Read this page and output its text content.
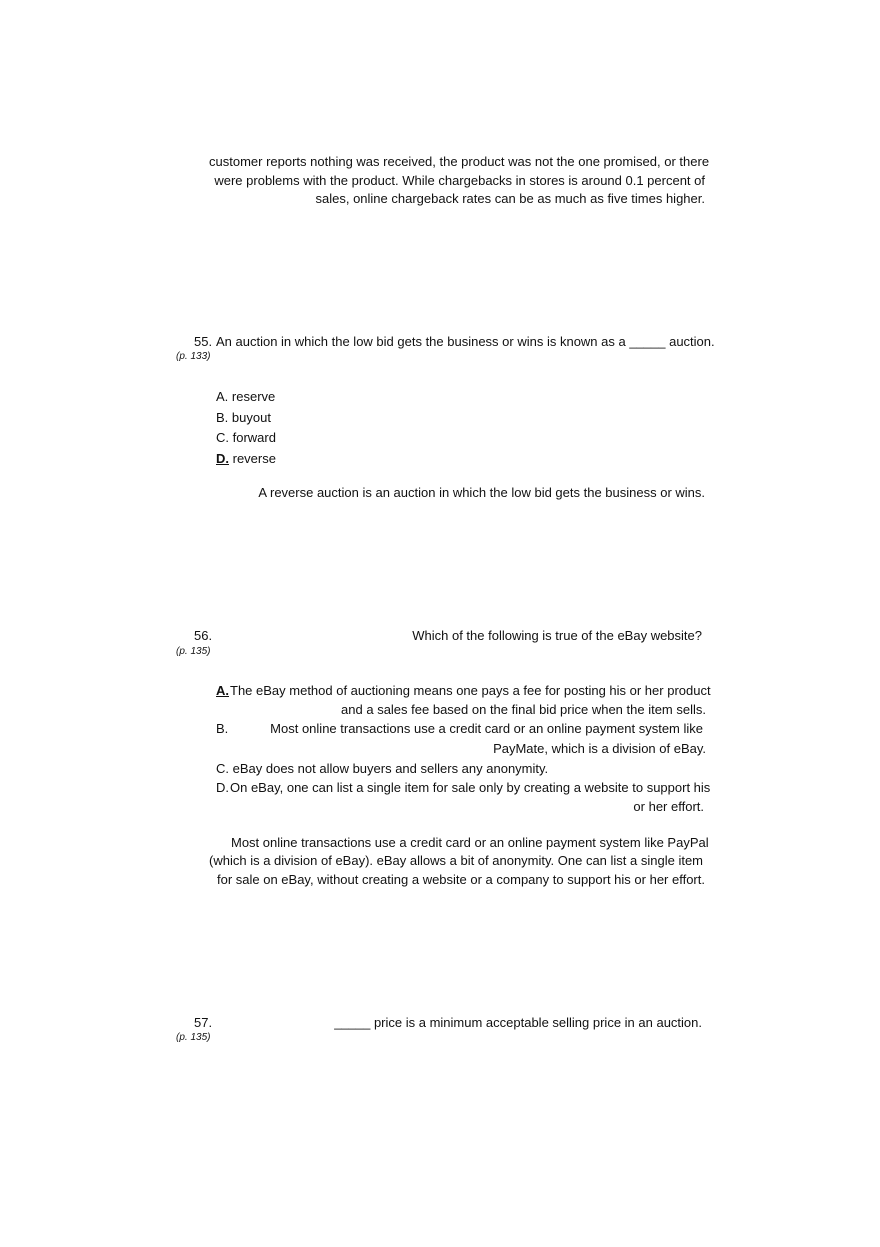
customer reports nothing was received, the product was not the one promised, or there
were problems with the product. While chargebacks in stores is around 0.1 percent of
sales, online chargeback rates can be as much as five times higher.
55. An auction in which the low bid gets the business or wins is known as a _____ auction.
(p. 133)
A. reserve
B. buyout
C. forward
D. reverse
A reverse auction is an auction in which the low bid gets the business or wins.
56.	Which of the following is true of the eBay website?
(p. 135)
A. The eBay method of auctioning means one pays a fee for posting his or her product
and a sales fee based on the final bid price when the item sells.
B.	Most online transactions use a credit card or an online payment system like
PayMate, which is a division of eBay.
C. eBay does not allow buyers and sellers any anonymity.
D. On eBay, one can list a single item for sale only by creating a website to support his
or her effort.
Most online transactions use a credit card or an online payment system like PayPal
(which is a division of eBay). eBay allows a bit of anonymity. One can list a single item
for sale on eBay, without creating a website or a company to support his or her effort.
57.	_____ price is a minimum acceptable selling price in an auction.
(p. 135)
